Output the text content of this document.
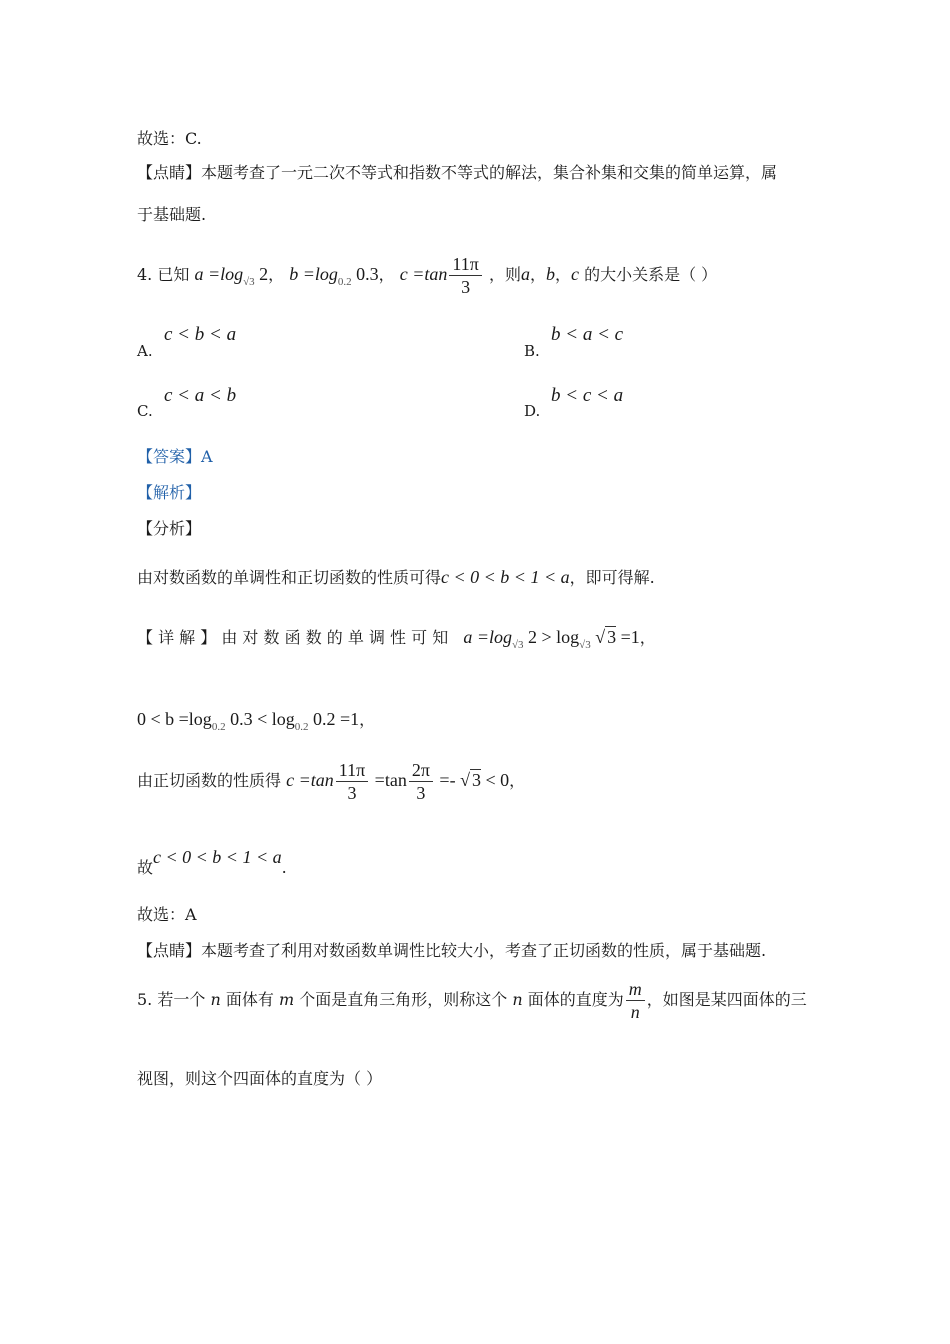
故选：C.
【点睛】本题考查了一元二次不等式和指数不等式的解法，集合补集和交集的简单运算，属
于基础题.
4. 已知 $a =\log_{√3}$ 2， $b =\log_{0.2}$ 0.3， $c =\tan \frac{11\pi}{3}$ ，则a，b，c 的大小关系是（ ）
A.
c < b < a
B.
b < a < c
C.
c < a < b
D.
b < c < a
【答案】A
【解析】
【分析】
由对数函数的单调性和正切函数的性质可得c < 0 < b < 1 < a，即可得解.
【 详 解 】 由 对 数 函 数 的 单 调 性 可 知 $a =\log_{√3}$ $2 > \log_{√3}$ √ 3 =1，
$0 < b =\log_{0.2}$ $0.3 < \log_{0.2} 0.2 =1$，
由正切函数的性质得 $c =\tan \frac{11\pi}{3} =\tan \frac{2\pi}{3}$ =- √ 3 < 0，
故c < 0 < b < 1 < a.
故选：A
【点睛】本题考查了利用对数函数单调性比较大小，考查了正切函数的性质，属于基础题.
5. 若一个 n 面体有 m 个面是直角三角形，则称这个 n 面体的直度为 $\frac{m}{n}$ ，如图是某四面体的三
视图，则这个四面体的直度为（ ）
